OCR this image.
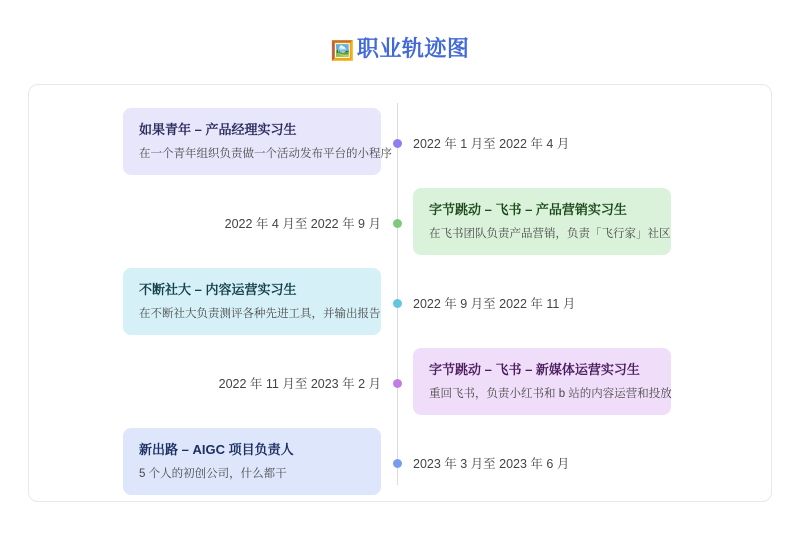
🖼️职业轨迹图
2022 年 1 月至 2022 年 4 月
如果青年 – 产品经理实习生
在一个青年组织负责做一个活动发布平台的小程序
2022 年 4 月至 2022 年 9 月
字节跳动 – 飞书 – 产品营销实习生
在飞书团队负责产品营销，负责「飞行家」社区
2022 年 9 月至 2022 年 11 月
不断社大 – 内容运营实习生
在不断社大负责测评各种先进工具，并输出报告
2022 年 11 月至 2023 年 2 月
字节跳动 – 飞书 – 新媒体运营实习生
重回飞书，负责小红书和 b 站的内容运营和投放
2023 年 3 月至 2023 年 6 月
新出路 – AIGC 项目负责人
5 个人的初创公司，什么都干
